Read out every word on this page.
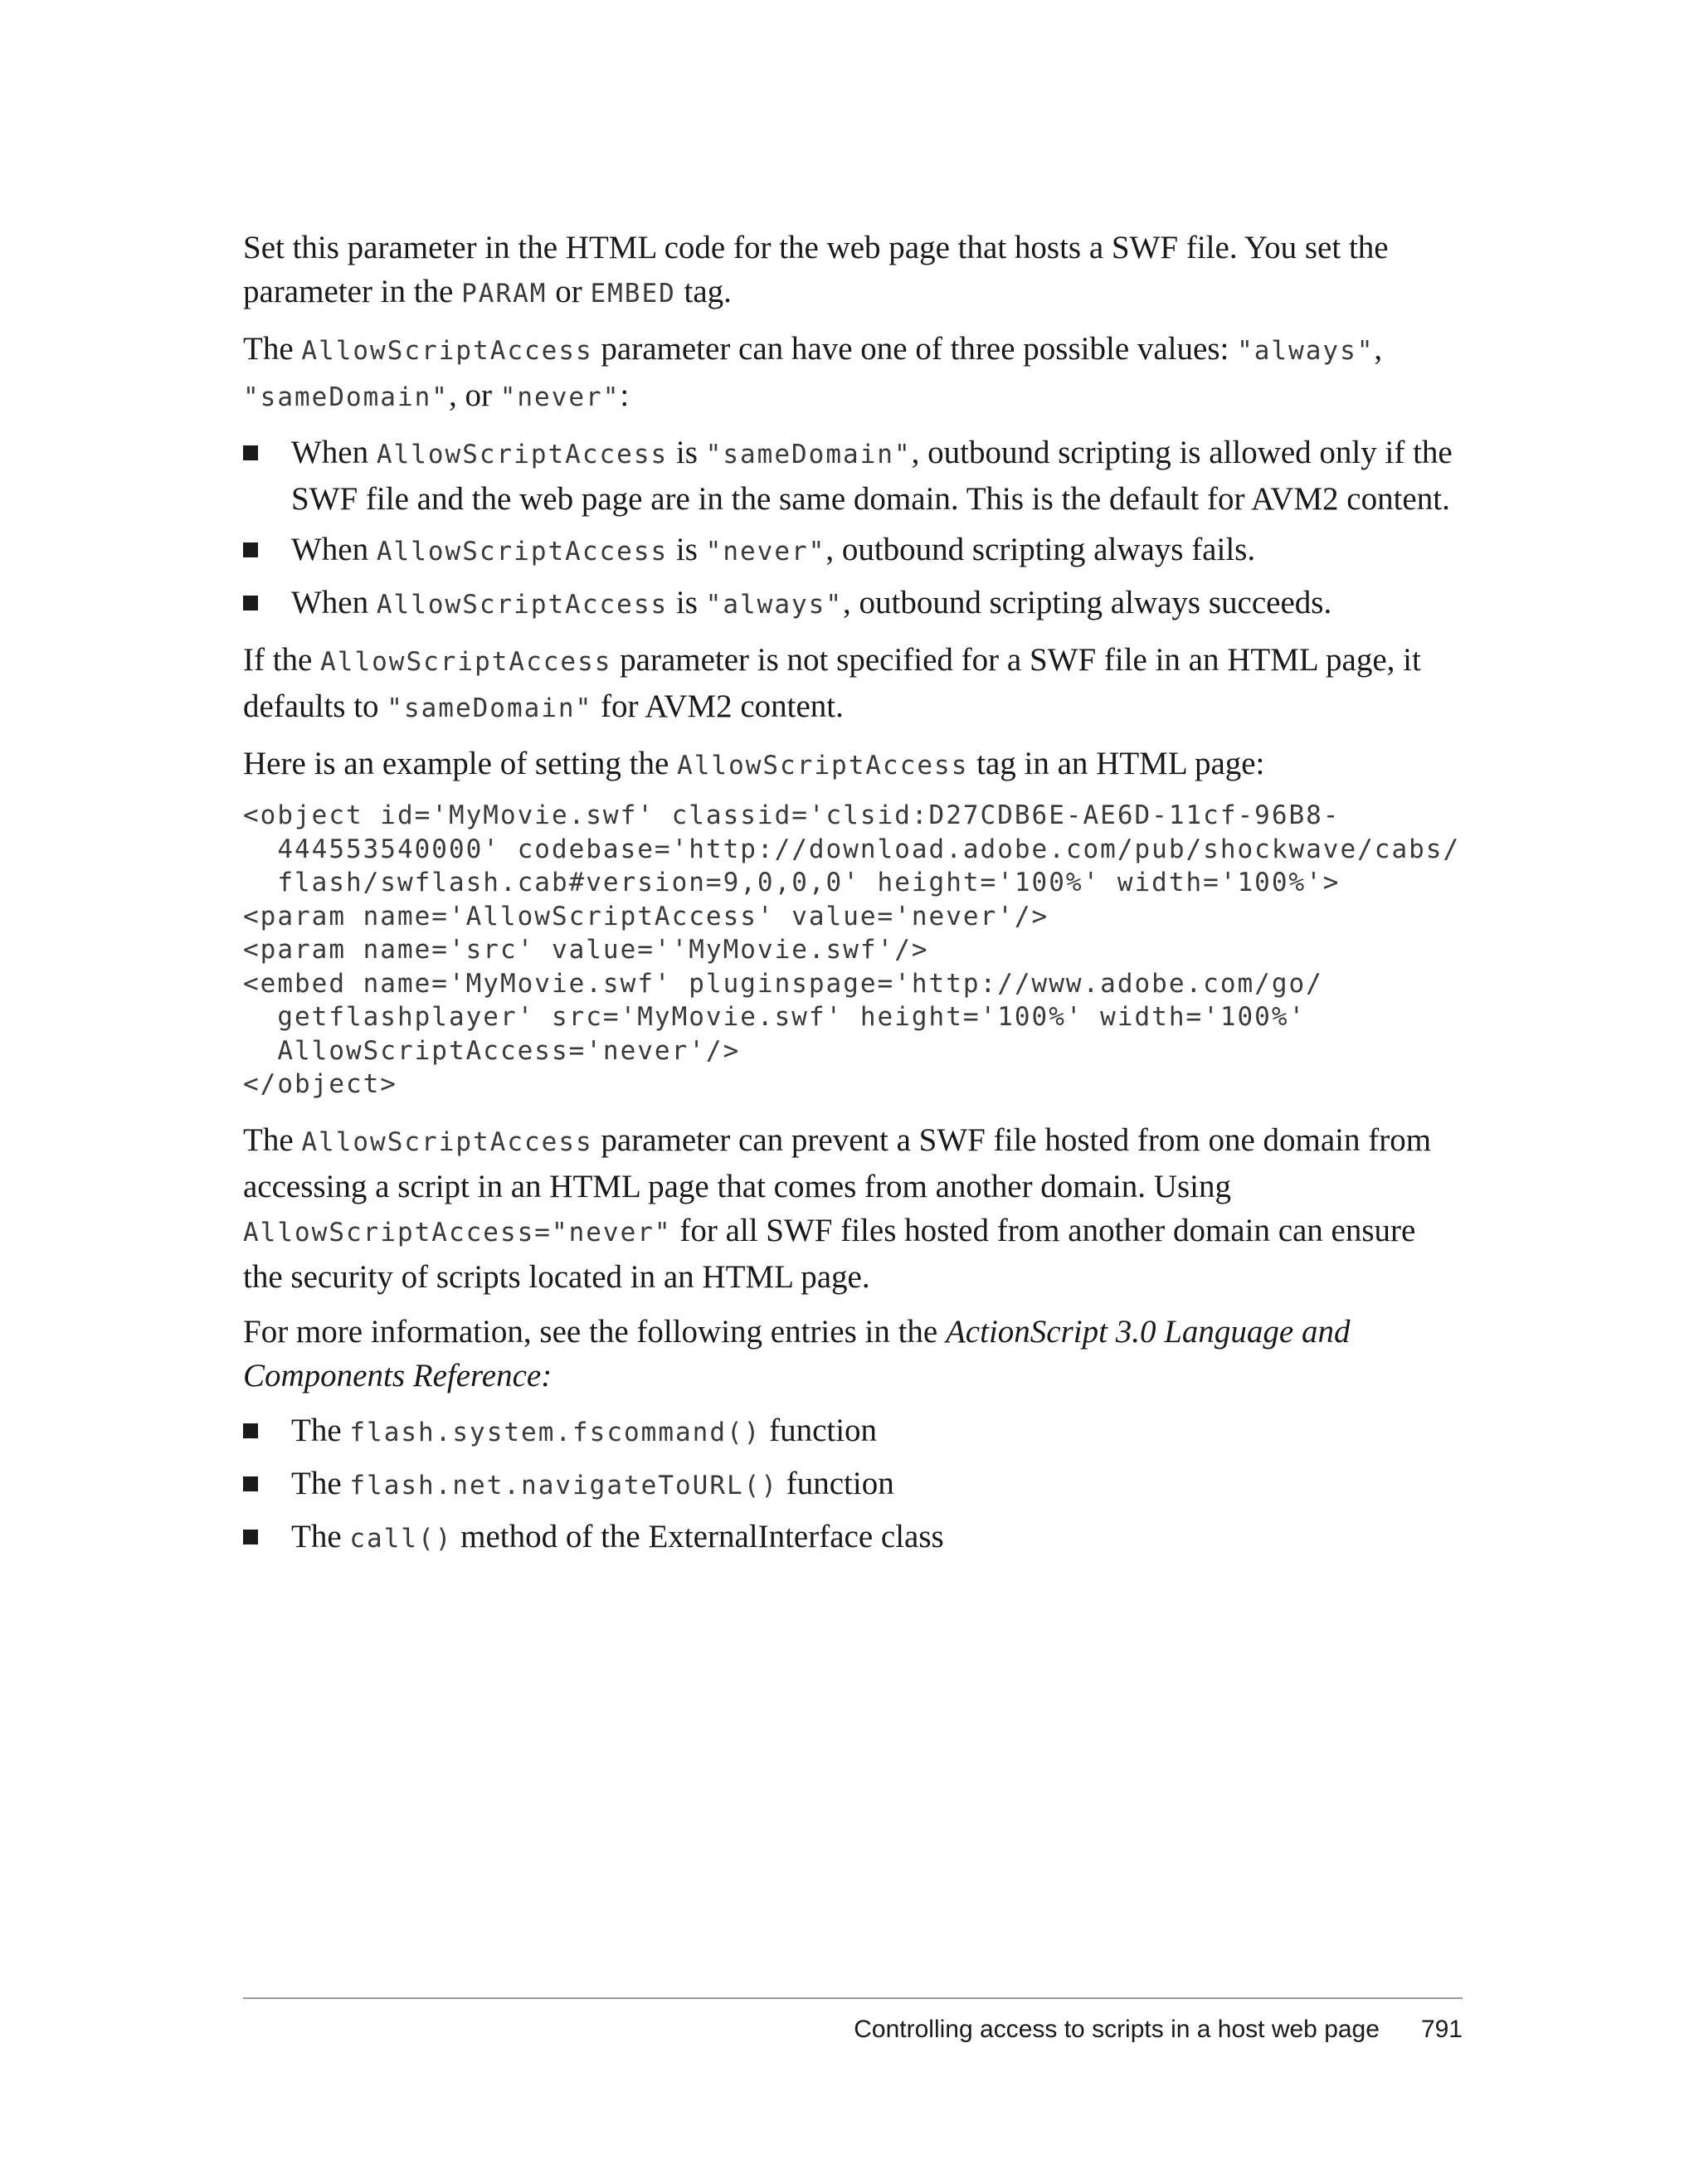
Set this parameter in the HTML code for the web page that hosts a SWF file. You set the parameter in the PARAM or EMBED tag.

The AllowScriptAccess parameter can have one of three possible values: "always",
"sameDomain", or "never":

When AllowScriptAccess is "sameDomain", outbound scripting is allowed only if the SWF file and the web page are in the same domain. This is the default for AVM2 content.
When AllowScriptAccess is "never", outbound scripting always fails.
When AllowScriptAccess is "always", outbound scripting always succeeds.

If the AllowScriptAccess parameter is not specified for a SWF file in an HTML page, it defaults to "sameDomain" for AVM2 content.

Here is an example of setting the AllowScriptAccess tag in an HTML page:

<object id='MyMovie.swf' classid='clsid:D27CDB6E-AE6D-11cf-96B8-
444553540000' codebase='http://download.adobe.com/pub/shockwave/cabs/
flash/swflash.cab#version=9,0,0,0' height='100%' width='100%'>
<param name='AllowScriptAccess' value='never'/>
<param name='src' value=''MyMovie.swf'/>
<embed name='MyMovie.swf' pluginspage='http://www.adobe.com/go/
getflashplayer' src='MyMovie.swf' height='100%' width='100%'
AllowScriptAccess='never'/>
</object>

The AllowScriptAccess parameter can prevent a SWF file hosted from one domain from accessing a script in an HTML page that comes from another domain. Using
AllowScriptAccess="never" for all SWF files hosted from another domain can ensure the security of scripts located in an HTML page.

For more information, see the following entries in the ActionScript 3.0 Language and Components Reference:

The flash.system.fscommand() function
The flash.net.navigateToURL() function
The call() method of the ExternalInterface class
Controlling access to scripts in a host web page 791
